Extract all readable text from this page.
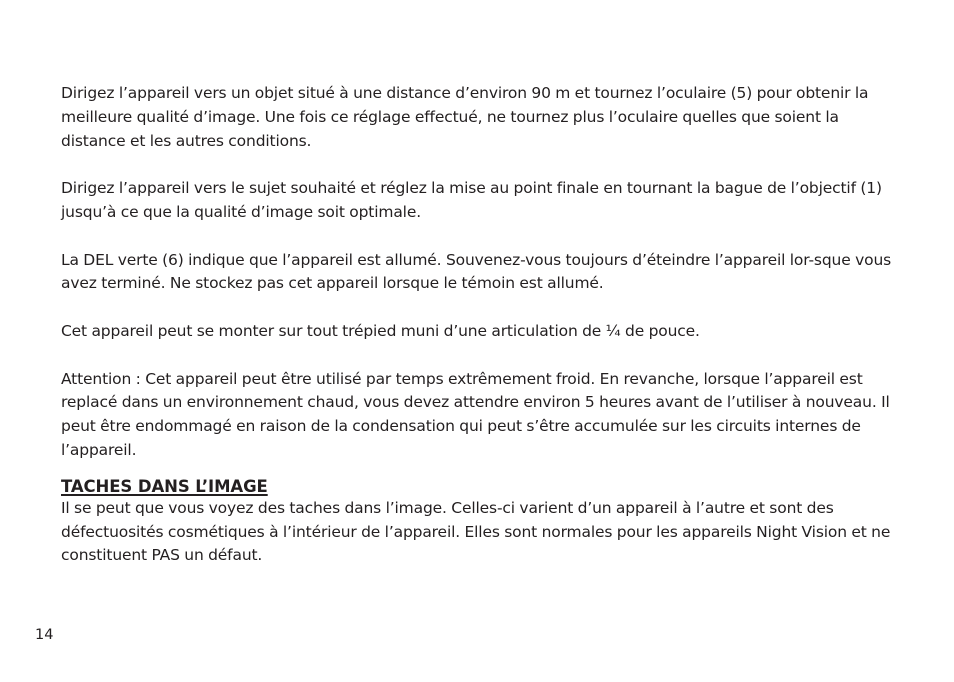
Dirigez l’appareil vers un objet situé à une distance d’environ 90 m et tournez l’oculaire (5) pour obtenir la meilleure qualité d’image. Une fois ce réglage effectué, ne tournez plus l’oculaire quelles que soient la distance et les autres conditions.

Dirigez l’appareil vers le sujet souhaité et réglez la mise au point finale en tournant la bague de l’objectif (1) jusqu’à ce que la qualité d’image soit optimale.

La DEL verte (6) indique que l’appareil est allumé. Souvenez-vous toujours d’éteindre l’appareil lor-sque vous avez terminé. Ne stockez pas cet appareil lorsque le témoin est allumé.

Cet appareil peut se monter sur tout trépied muni d’une articulation de ¼ de pouce.

Attention : Cet appareil peut être utilisé par temps extrêmement froid. En revanche, lorsque l’appareil est replacé dans un environnement chaud, vous devez attendre environ 5 heures avant de l’utiliser à nouveau. Il peut être endommagé en raison de la condensation qui peut s’être accumulée sur les circuits internes de l’appareil.

TACHES DANS L’IMAGE

Il se peut que vous voyez des taches dans l’image. Celles-ci varient d’un appareil à l’autre et sont des défectuosités cosmétiques à l’intérieur de l’appareil. Elles sont normales pour les appareils Night Vision et ne constituent PAS un défaut.

14
